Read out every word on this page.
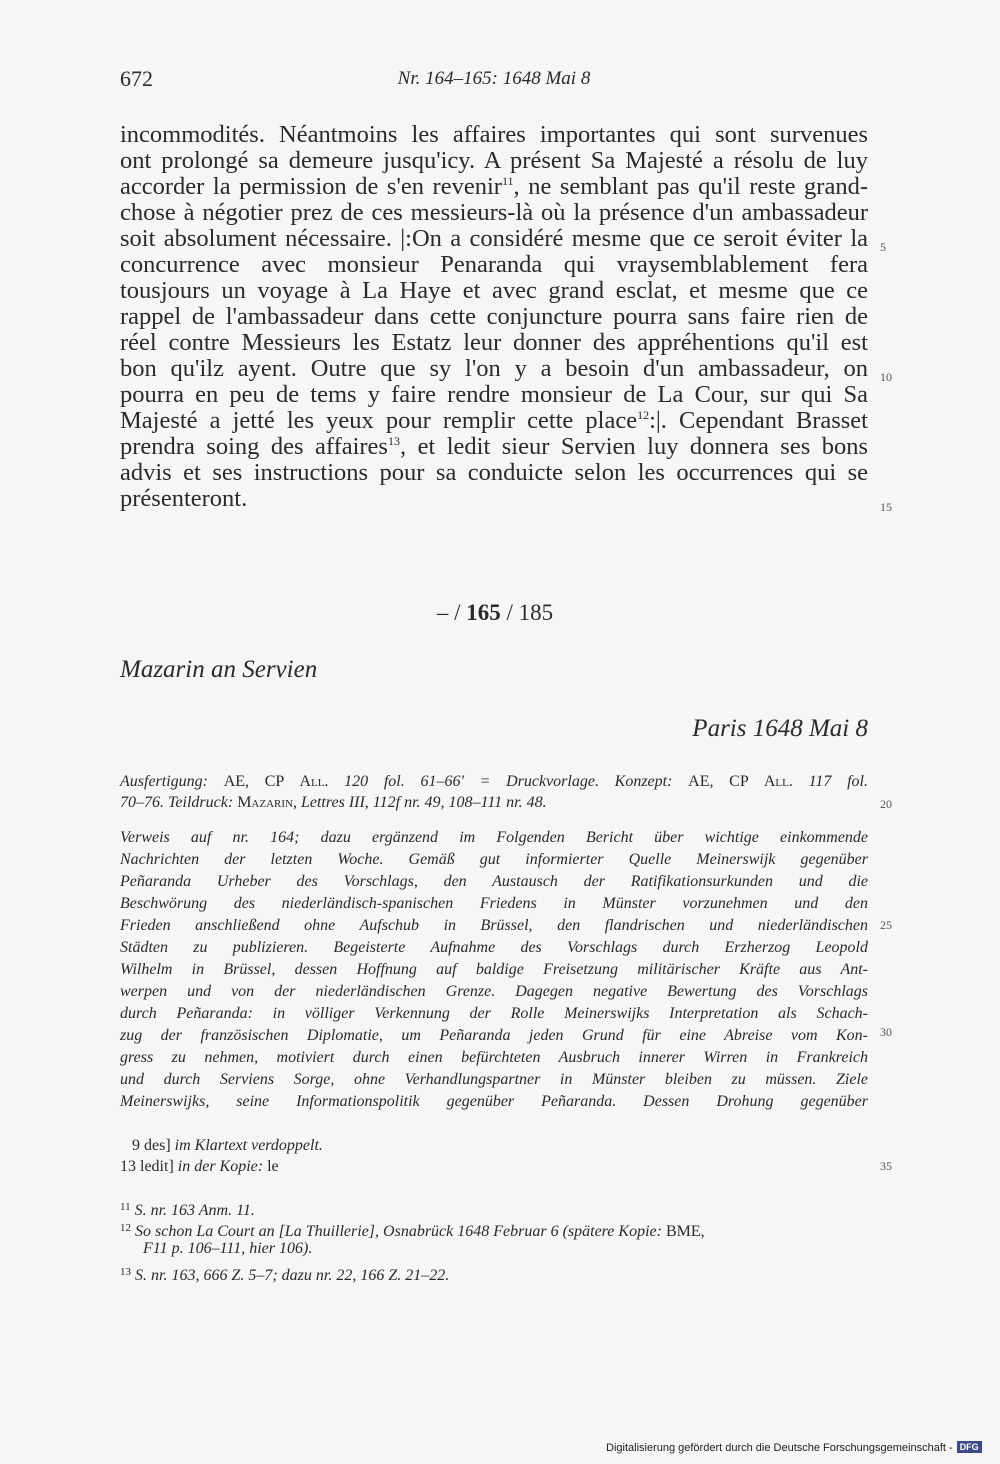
672	Nr. 164–165: 1648 Mai 8
incommodités. Néantmoins les affaires importantes qui sont survenues
ont prolongé sa demeure jusqu'icy. A présent Sa Majesté a résolu de luy
accorder la permission de s'en revenir$^{11}$, ne semblant pas qu'il reste grand-
chose à négotier prez de ces messieurs-là où la présence d'un ambassadeur
soit absolument nécessaire. |:On a considéré mesme que ce seroit éviter la
concurrence avec monsieur Penaranda qui vraysemblablement fera
tousjours un voyage à La Haye et avec grand esclat, et mesme que ce
rappel de l'ambassadeur dans cette conjuncture pourra sans faire rien de
réel contre Messieurs les Estatz leur donner des appréhentions qu'il est
bon qu'ilz ayent. Outre que sy l'on y a besoin d'un ambassadeur, on
pourra en peu de tems y faire rendre monsieur de La Cour, sur qui Sa
Majesté a jetté les yeux pour remplir cette place$^{12}$:|. Cependant Brasset
prendra soing des affaires$^{13}$, et ledit sieur Servien luy donnera ses bons
advis et ses instructions pour sa conduicte selon les occurrences qui se
présenteront.
5
10
15
20
25
30
35
– / 165 / 185
Mazarin an Servien
Paris 1648 Mai 8
Ausfertigung: AE, CP All. 120 fol. 61–66' = Druckvorlage. Konzept: AE, CP All. 117 fol.
70–76. Teildruck: Mazarin, Lettres III, 112f nr. 49, 108–111 nr. 48.
Verweis auf nr. 164; dazu ergänzend im Folgenden Bericht über wichtige einkommende
Nachrichten der letzten Woche. Gemäß gut informierter Quelle Meinerswijk gegenüber
Peñaranda Urheber des Vorschlags, den Austausch der Ratifikationsurkunden und die
Beschwörung des niederländisch-spanischen Friedens in Münster vorzunehmen und den
Frieden anschließend ohne Aufschub in Brüssel, den flandrischen und niederländischen
Städten zu publizieren. Begeisterte Aufnahme des Vorschlags durch Erzherzog Leopold
Wilhelm in Brüssel, dessen Hoffnung auf baldige Freisetzung militärischer Kräfte aus Ant-
werpen und von der niederländischen Grenze. Dagegen negative Bewertung des Vorschlags
durch Peñaranda: in völliger Verkennung der Rolle Meinerswijks Interpretation als Schach-
zug der französischen Diplomatie, um Peñaranda jeden Grund für eine Abreise vom Kon-
gress zu nehmen, motiviert durch einen befürchteten Ausbruch innerer Wirren in Frankreich
und durch Serviens Sorge, ohne Verhandlungspartner in Münster bleiben zu müssen. Ziele
Meinerswijks, seine Informationspolitik gegenüber Peñaranda. Dessen Drohung gegenüber
9 des] im Klartext verdoppelt.
13 ledit] in der Kopie: le
$^{11}$ S. nr. 163 Anm. 11.
$^{12}$ So schon La Court an [La Thuillerie], Osnabrück 1648 Februar 6 (spätere Kopie: BME,
F11 p. 106–111, hier 106).
$^{13}$ S. nr. 163, 666 Z. 5–7; dazu nr. 22, 166 Z. 21–22.
Digitalisierung gefördert durch die Deutsche Forschungsgemeinschaft - DFG
